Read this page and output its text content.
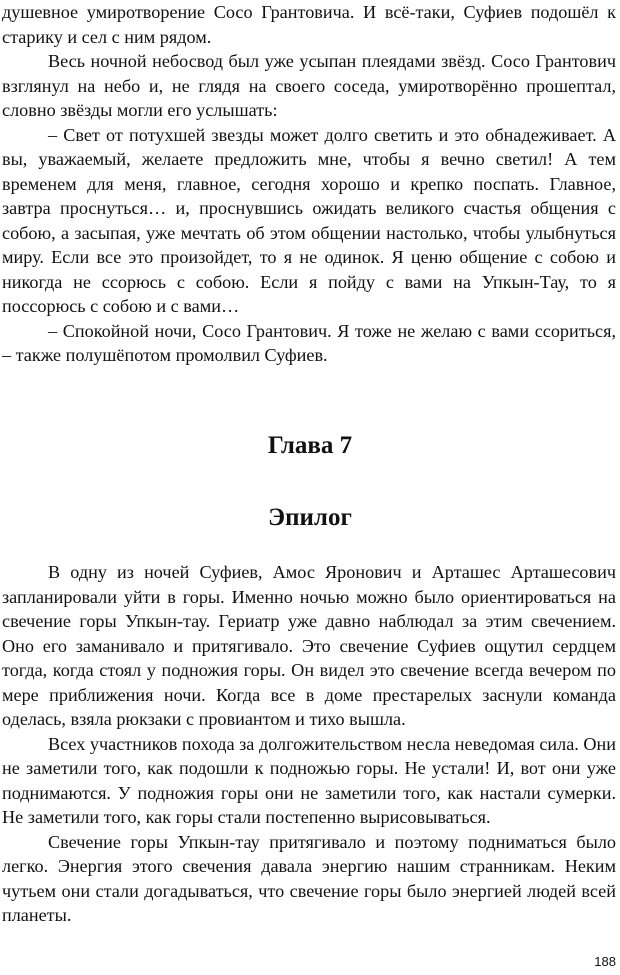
душевное умиротворение Сосо Грантовича. И всё-таки, Суфиев подошёл к старику и сел с ним рядом.

Весь ночной небосвод был уже усыпан плеядами звёзд. Сосо Грантович взглянул на небо и, не глядя на своего соседа, умиротворённо прошептал, словно звёзды могли его услышать:

– Свет от потухшей звезды может долго светить и это обнадеживает. А вы, уважаемый, желаете предложить мне, чтобы я вечно светил! А тем временем для меня, главное, сегодня хорошо и крепко поспать. Главное, завтра проснуться… и, проснувшись ожидать великого счастья общения с собою, а засыпая, уже мечтать об этом общении настолько, чтобы улыбнуться миру. Если все это произойдет, то я не одинок. Я ценю общение с собою и никогда не ссорюсь с собою. Если я пойду с вами на Упкын-Тау, то я поссорюсь с собою и с вами…

– Спокойной ночи, Сосо Грантович. Я тоже не желаю с вами ссориться, – также полушёпотом промолвил Суфиев.

Глава 7
Эпилог

В одну из ночей Суфиев, Амос Яронович и Арташес Арташесович запланировали уйти в горы. Именно ночью можно было ориентироваться на свечение горы Упкын-тау. Гериатр уже давно наблюдал за этим свечением. Оно его заманивало и притягивало. Это свечение Суфиев ощутил сердцем тогда, когда стоял у подножия горы. Он видел это свечение всегда вечером по мере приближения ночи. Когда все в доме престарелых заснули команда оделась, взяла рюкзаки с провиантом и тихо вышла.

Всех участников похода за долгожительством несла неведомая сила. Они не заметили того, как подошли к подножью горы. Не устали! И, вот они уже поднимаются. У подножия горы они не заметили того, как настали сумерки. Не заметили того, как горы стали постепенно вырисовываться.

Свечение горы Упкын-тау притягивало и поэтому подниматься было легко. Энергия этого свечения давала энергию нашим странникам. Неким чутьем они стали догадываться, что свечение горы было энергией людей всей планеты.

188
